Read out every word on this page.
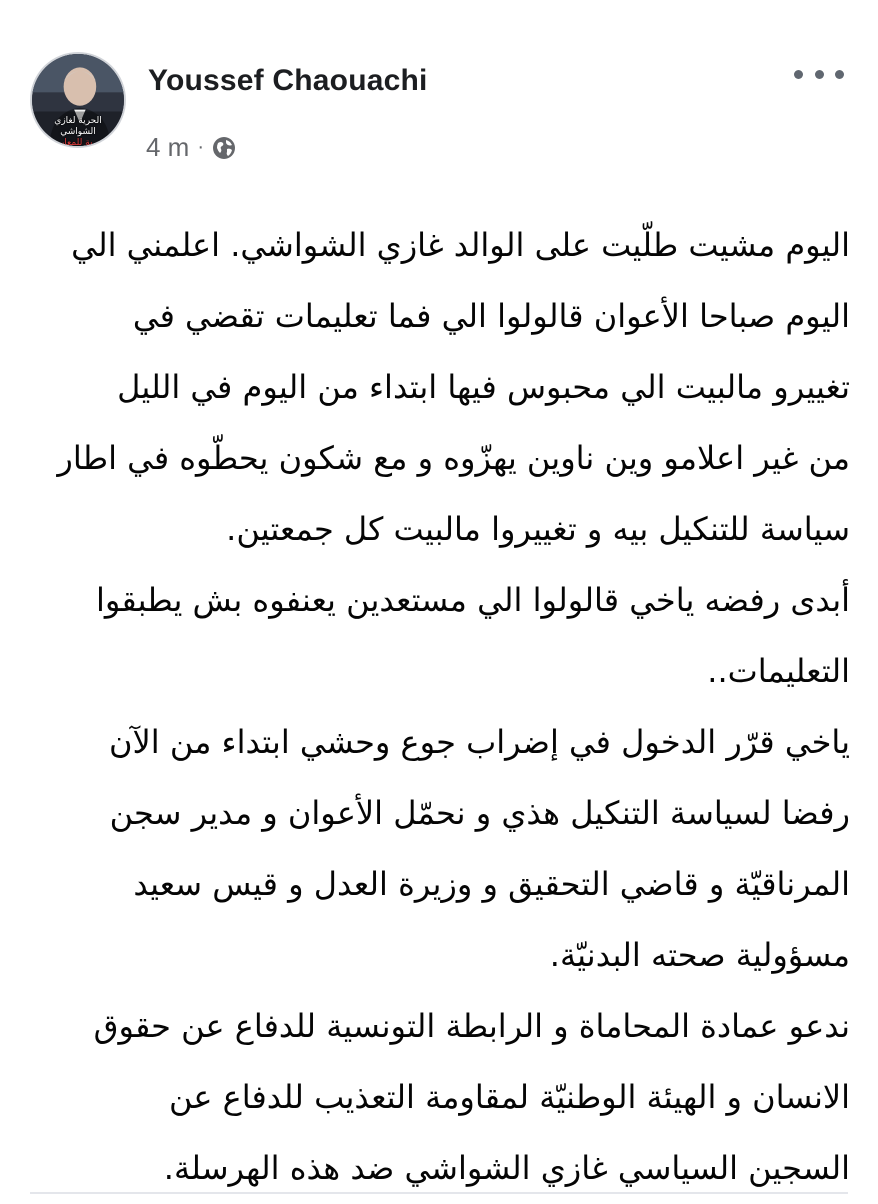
الحرية لغازي الشواشي
الحرية للمعارضة
Youssef Chaouachi
4 m ·
اليوم مشيت طلّيت على الوالد غازي الشواشي. اعلمني الي
اليوم صباحا الأعوان قالولوا الي فما تعليمات تقضي في
تغييرو مالبيت الي محبوس فيها ابتداء من اليوم في الليل
من غير اعلامو وين ناوين يهزّوه و مع شكون يحطّوه في اطار
سياسة للتنكيل بيه و تغييروا مالبيت كل جمعتين.
أبدى رفضه ياخي قالولوا الي مستعدين يعنفوه بش يطبقوا
التعليمات..
ياخي قرّر الدخول في إضراب جوع وحشي ابتداء من الآن
رفضا لسياسة التنكيل هذي و نحمّل الأعوان و مدير سجن
المرناقيّة و قاضي التحقيق و وزيرة العدل و قيس سعيد
مسؤولية صحته البدنيّة.
ندعو عمادة المحاماة و الرابطة التونسية للدفاع عن حقوق
الانسان و الهيئة الوطنيّة لمقاومة التعذيب للدفاع عن
السجين السياسي غازي الشواشي ضد هذه الهرسلة.
